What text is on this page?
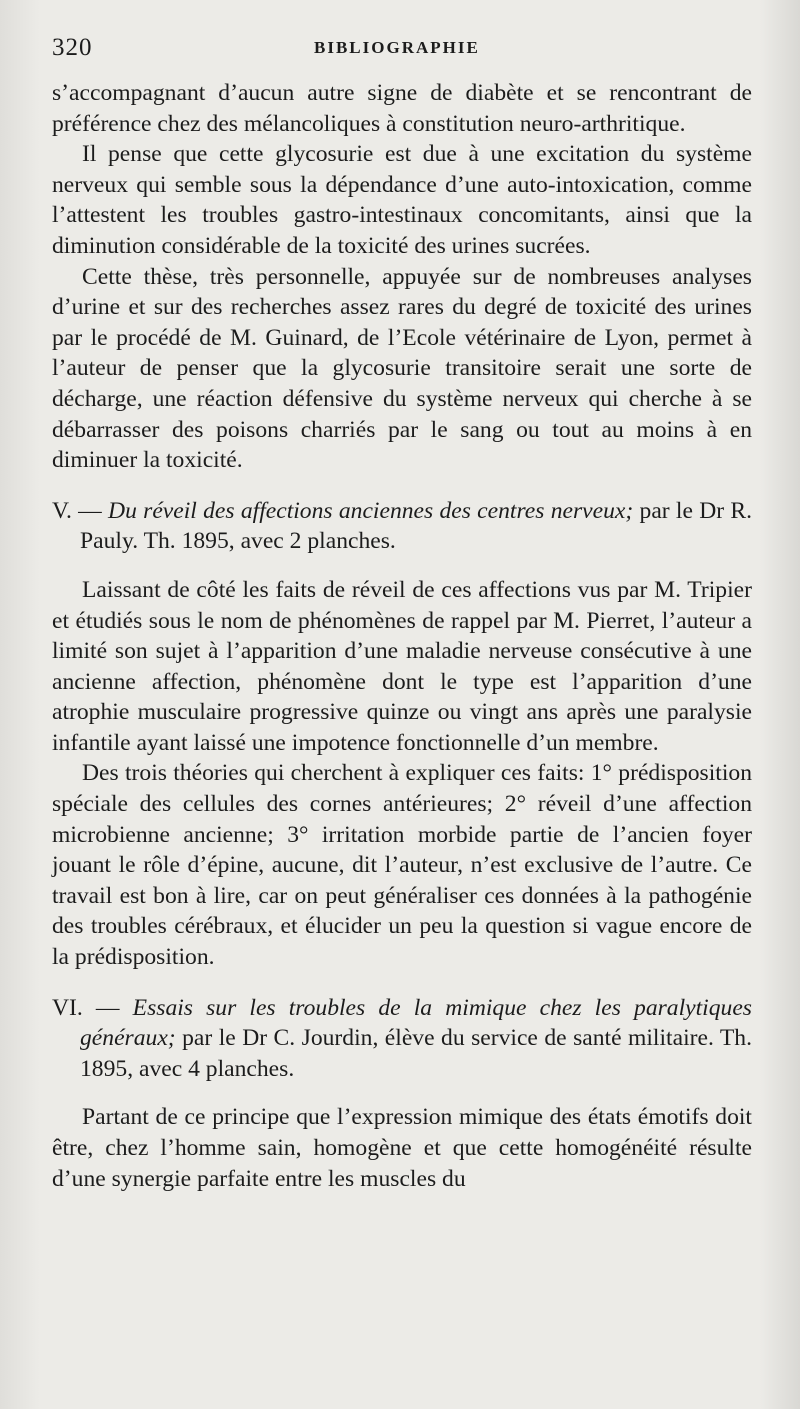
320	BIBLIOGRAPHIE

s’accompagnant d’aucun autre signe de diabète et se rencontrant de préférence chez des mélancoliques à constitution neuro-arthritique.

Il pense que cette glycosurie est due à une excitation du système nerveux qui semble sous la dépendance d’une auto-intoxication, comme l’attestent les troubles gastro-intestinaux concomitants, ainsi que la diminution considérable de la toxicité des urines sucrées.

Cette thèse, très personnelle, appuyée sur de nombreuses analyses d’urine et sur des recherches assez rares du degré de toxicité des urines par le procédé de M. Guinard, de l’Ecole vétérinaire de Lyon, permet à l’auteur de penser que la glycosurie transitoire serait une sorte de décharge, une réaction défensive du système nerveux qui cherche à se débarrasser des poisons charriés par le sang ou tout au moins à en diminuer la toxicité.

V. — Du réveil des affections anciennes des centres nerveux; par le Dr R. Pauly. Th. 1895, avec 2 planches.

Laissant de côté les faits de réveil de ces affections vus par M. Tripier et étudiés sous le nom de phénomènes de rappel par M. Pierret, l’auteur a limité son sujet à l’apparition d’une maladie nerveuse consécutive à une ancienne affection, phénomène dont le type est l’apparition d’une atrophie musculaire progressive quinze ou vingt ans après une paralysie infantile ayant laissé une impotence fonctionnelle d’un membre.

Des trois théories qui cherchent à expliquer ces faits: 1° prédisposition spéciale des cellules des cornes antérieures; 2° réveil d’une affection microbienne ancienne; 3° irritation morbide partie de l’ancien foyer jouant le rôle d’épine, aucune, dit l’auteur, n’est exclusive de l’autre. Ce travail est bon à lire, car on peut généraliser ces données à la pathogénie des troubles cérébraux, et élucider un peu la question si vague encore de la prédisposition.

VI. — Essais sur les troubles de la mimique chez les paralytiques généraux; par le Dr C. Jourdin, élève du service de santé militaire. Th. 1895, avec 4 planches.

Partant de ce principe que l’expression mimique des états émotifs doit être, chez l’homme sain, homogène et que cette homogénéité résulte d’une synergie parfaite entre les muscles du
